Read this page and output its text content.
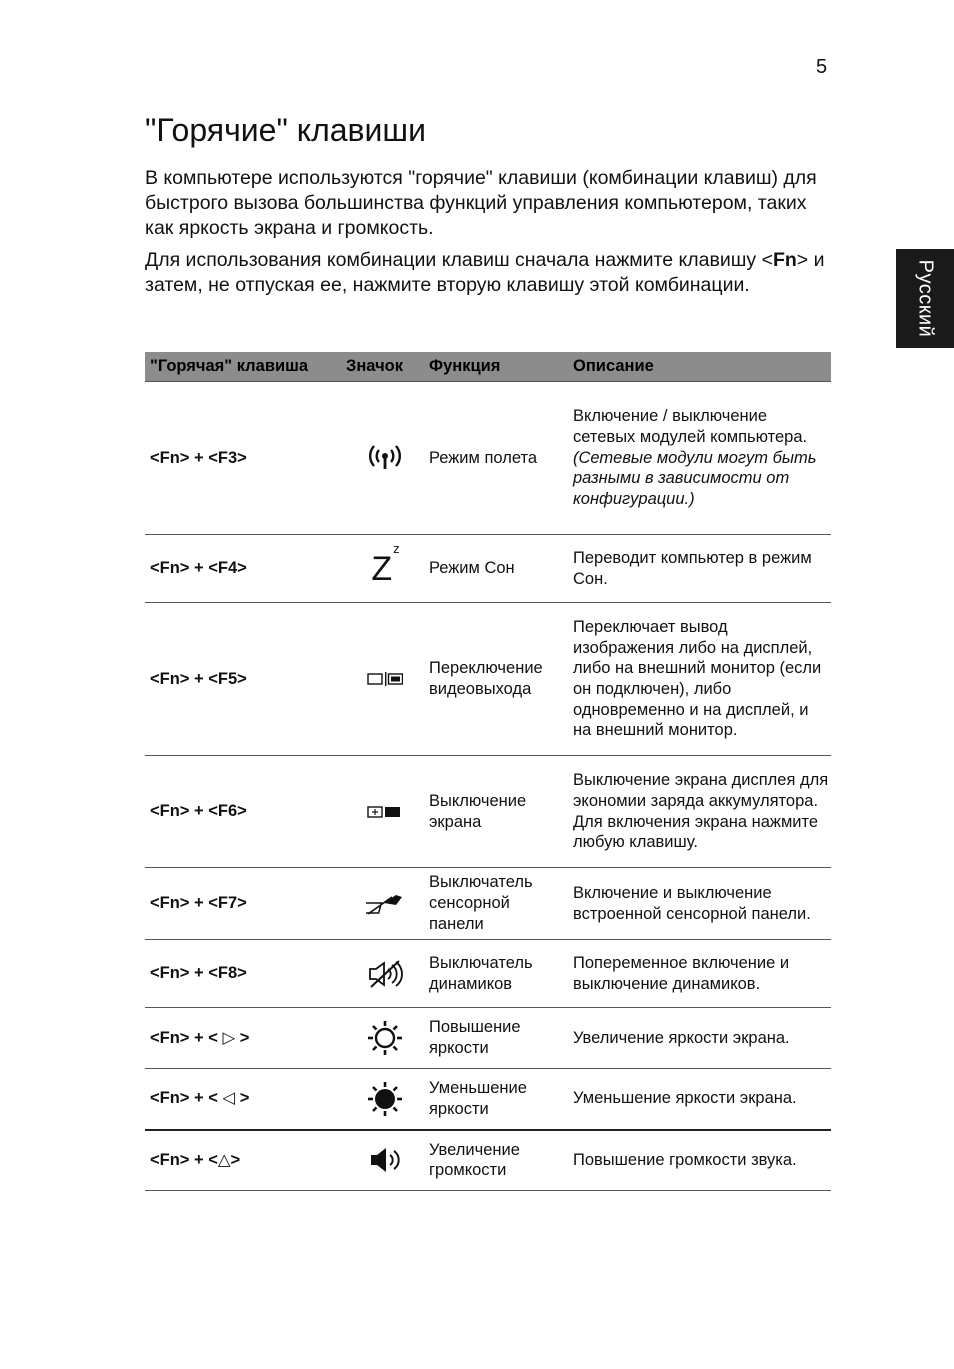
5
Русский
"Горячие" клавиши

В компьютере используются "горячие" клавиши (комбинации клавиш) для быстрого вызова большинства функций управления компьютером, таких как яркость экрана и громкость.

Для использования комбинации клавиш сначала нажмите клавишу <Fn> и затем, не отпуская ее, нажмите вторую клавишу этой комбинации.

"Горячая" клавиша	Значок	Функция	Описание
<Fn> + <F3>		Режим полета	Включение / выключение сетевых модулей компьютера.
(Сетевые модули могут быть разными в зависимости от конфигурации.)

<Fn> + <F4>	$Z^z$	Режим Сон	Переводит компьютер в режим Сон.
<Fn> + <F5>		Переключение видеовыхода	Переключает вывод изображения либо на дисплей, либо на внешний монитор (если он подключен), либо одновременно и на дисплей, и на внешний монитор.
<Fn> + <F6>		Выключение экрана	Выключение экрана дисплея для экономии заряда аккумулятора. Для включения экрана нажмите любую клавишу.
<Fn> + <F7>		Выключатель сенсорной панели	Включение и выключение встроенной сенсорной панели.
<Fn> + <F8>		Выключатель динамиков	Попеременное включение и выключение динамиков.
<Fn> + < ▷ >		Повышение яркости	Увеличение яркости экрана.
<Fn> + < ◁ >		Уменьшение яркости	Уменьшение яркости экрана.
<Fn> + <△>		Увеличение громкости	Повышение громкости звука.
